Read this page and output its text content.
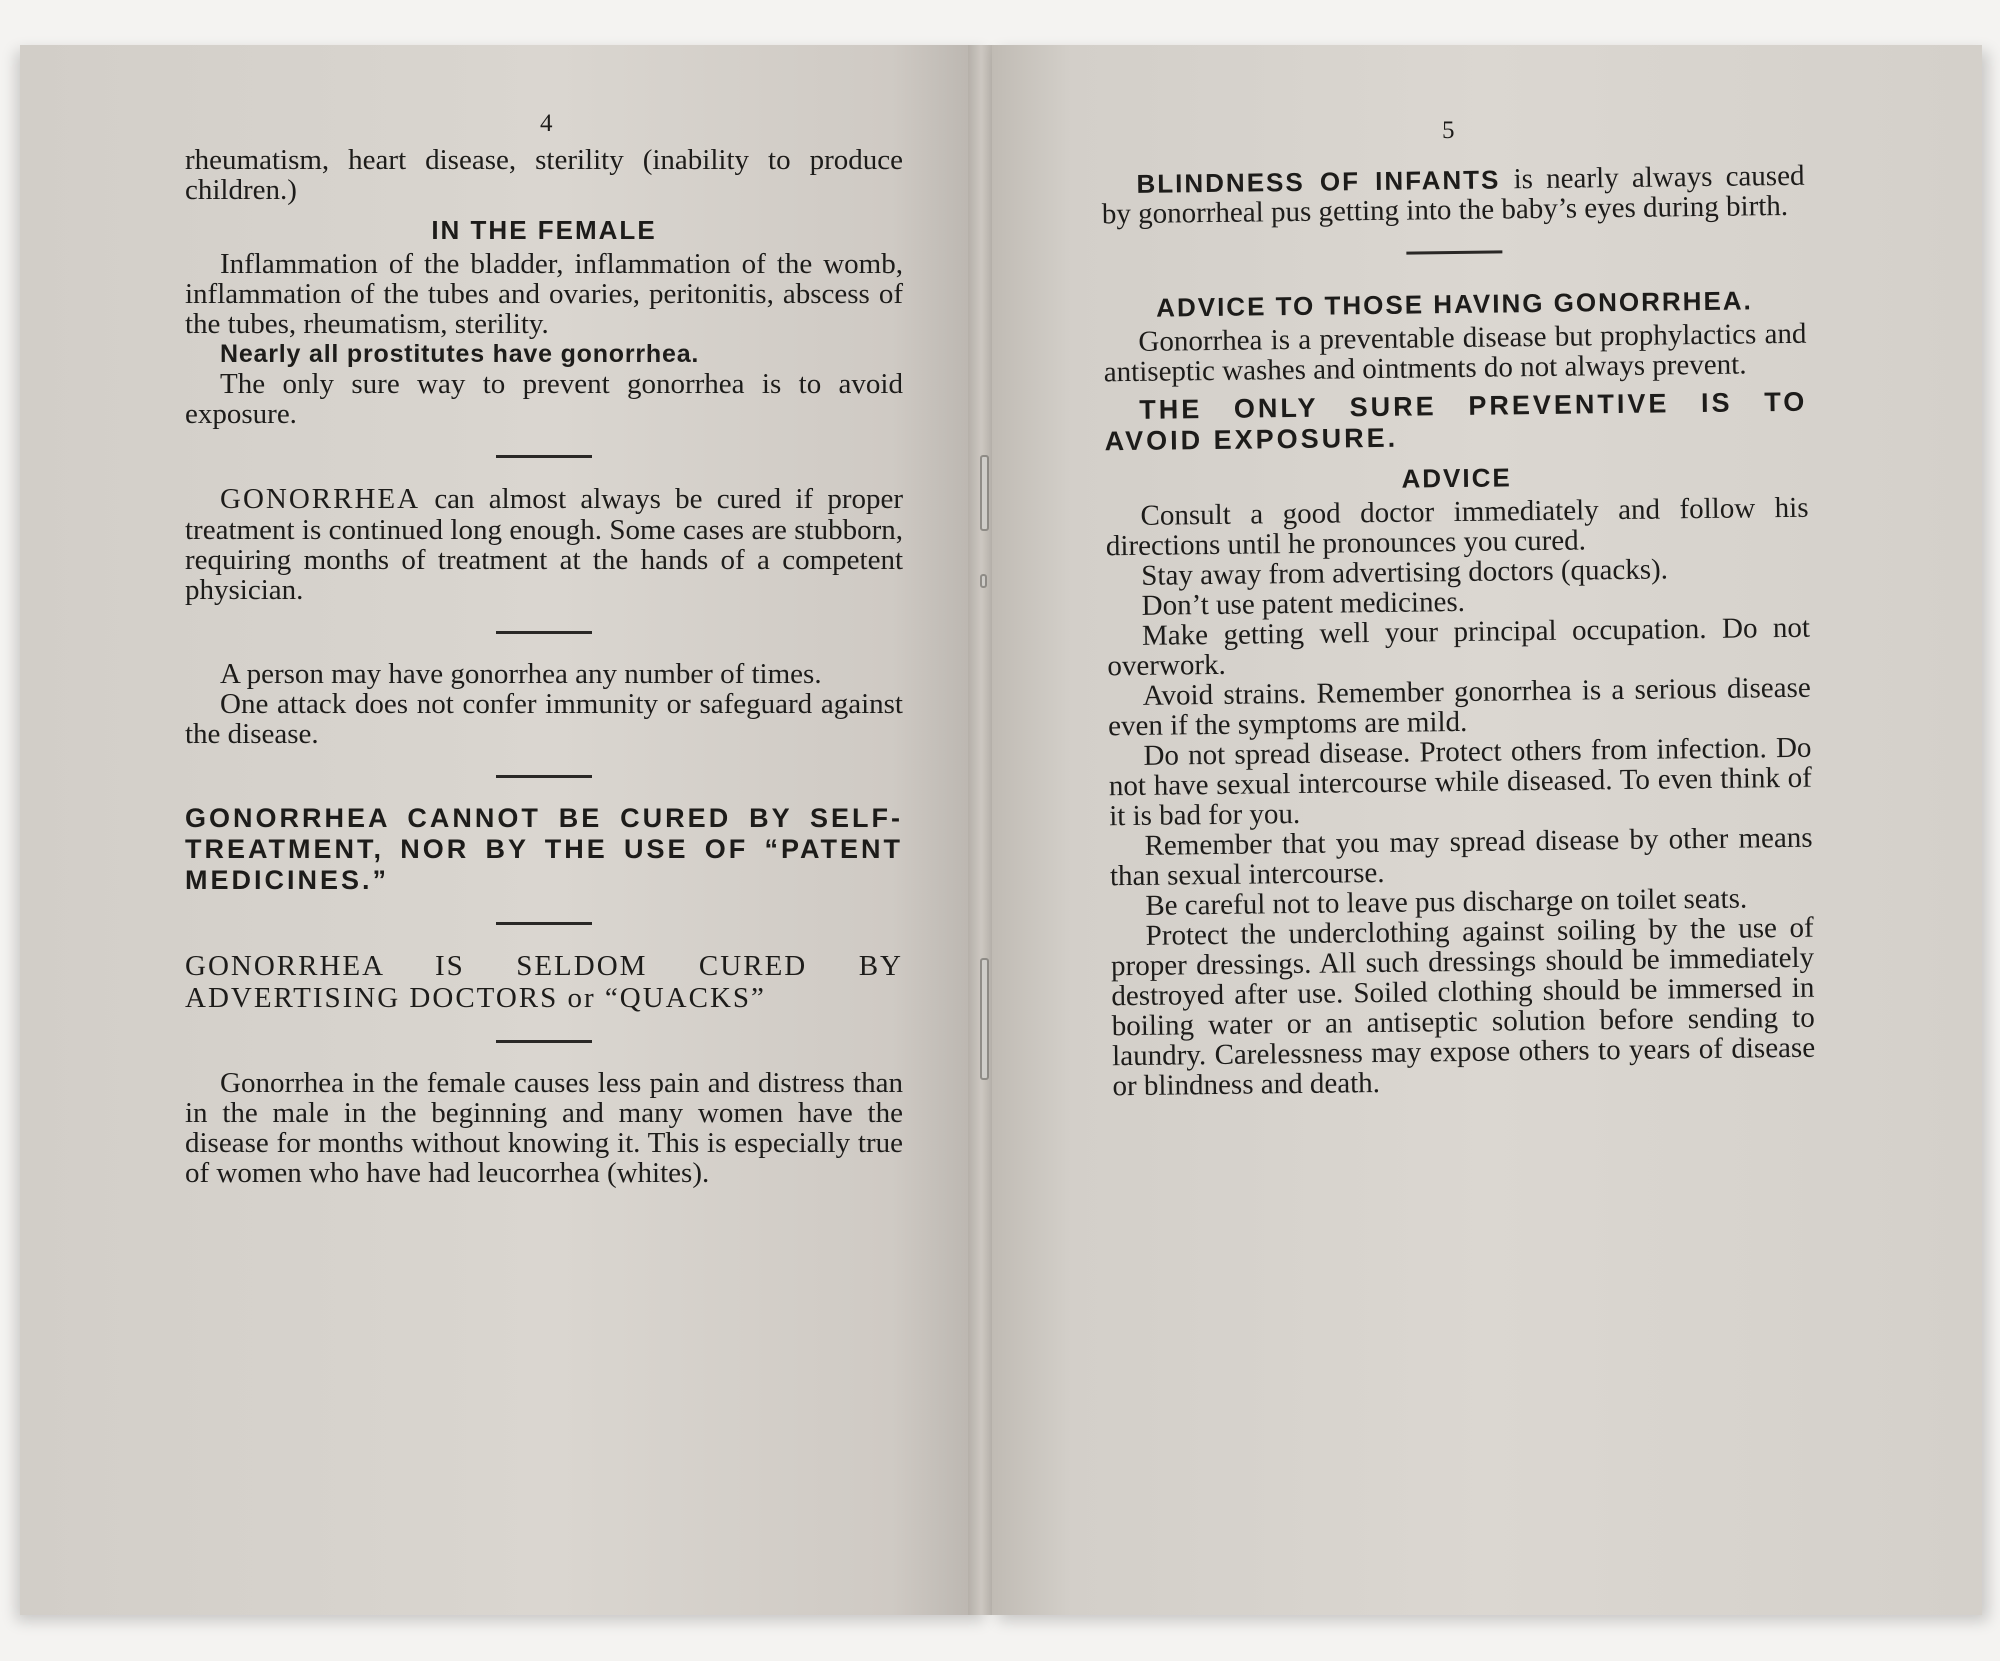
4

rheumatism, heart disease, sterility (inability to produce children.)

IN THE FEMALE

Inflammation of the bladder, inflammation of the womb, inflammation of the tubes and ovaries, peritonitis, abscess of the tubes, rheumatism, sterility.

Nearly all prostitutes have gonorrhea.

The only sure way to prevent gonorrhea is to avoid exposure.

GONORRHEA can almost always be cured if proper treatment is continued long enough. Some cases are stubborn, requiring months of treatment at the hands of a competent physician.

A person may have gonorrhea any number of times.

One attack does not confer immunity or safeguard against the disease.

GONORRHEA CANNOT BE CURED BY SELF-TREATMENT, NOR BY THE USE OF “PATENT MEDICINES.”

GONORRHEA IS SELDOM CURED BY ADVERTISING DOCTORS or “QUACKS”

Gonorrhea in the female causes less pain and distress than in the male in the beginning and many women have the disease for months without knowing it. This is especially true of women who have had leucorrhea (whites).

5

BLINDNESS OF INFANTS is nearly always caused by gonorrheal pus getting into the baby’s eyes during birth.

ADVICE TO THOSE HAVING GONORRHEA.

Gonorrhea is a preventable disease but prophylactics and antiseptic washes and ointments do not always prevent.

THE ONLY SURE PREVENTIVE IS TO AVOID EXPOSURE.

ADVICE

Consult a good doctor immediately and follow his directions until he pronounces you cured.

Stay away from advertising doctors (quacks).

Don’t use patent medicines.

Make getting well your principal occupation. Do not overwork.

Avoid strains. Remember gonorrhea is a serious disease even if the symptoms are mild.

Do not spread disease. Protect others from infection. Do not have sexual intercourse while diseased. To even think of it is bad for you.

Remember that you may spread disease by other means than sexual intercourse.

Be careful not to leave pus discharge on toilet seats.

Protect the underclothing against soiling by the use of proper dressings. All such dressings should be immediately destroyed after use. Soiled clothing should be immersed in boiling water or an antiseptic solution before sending to laundry. Carelessness may expose others to years of disease or blindness and death.
